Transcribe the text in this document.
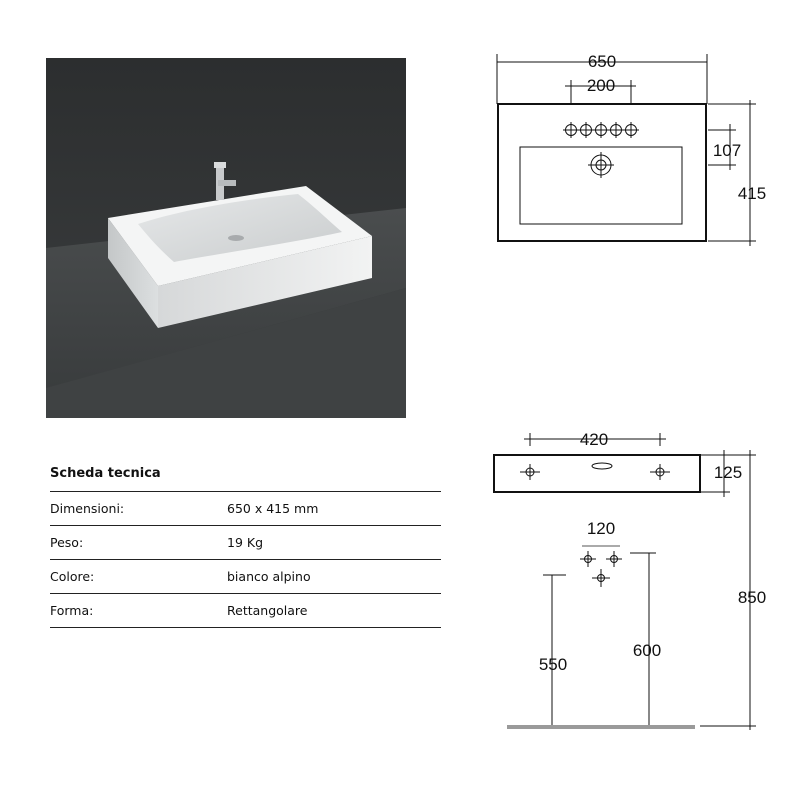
Scheda tecnica
Dimensioni:	650 x 415 mm
Peso:	19 Kg
Colore:	bianco alpino
Forma:	Rettangolare
650
200
107
415
420
125
120
550
600
850
